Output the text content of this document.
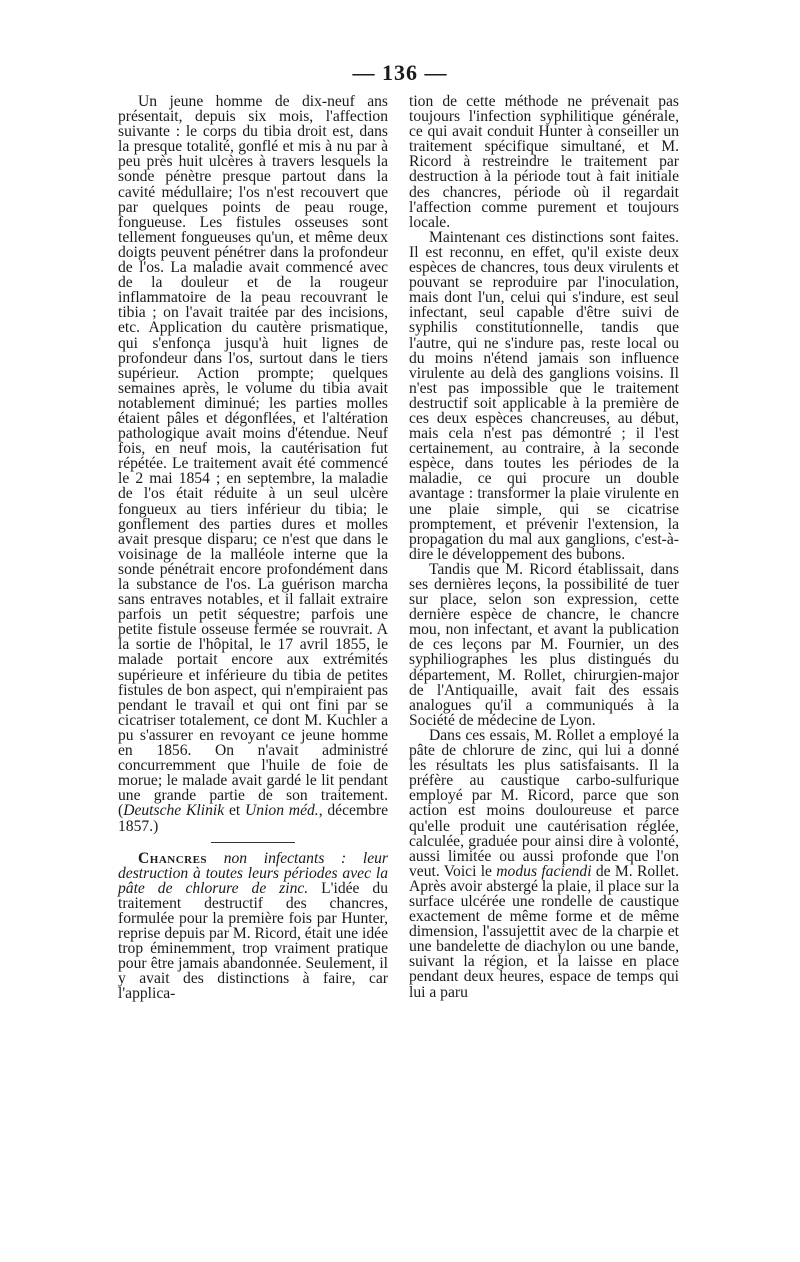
— 136 —

Un jeune homme de dix-neuf ans présentait, depuis six mois, l'affection suivante : le corps du tibia droit est, dans la presque totalité, gonflé et mis à nu par à peu près huit ulcères à travers lesquels la sonde pénètre presque partout dans la cavité médullaire; l'os n'est recouvert que par quelques points de peau rouge, fongueuse. Les fistules osseuses sont tellement fongueuses qu'un, et même deux doigts peuvent pénétrer dans la profondeur de l'os. La maladie avait commencé avec de la douleur et de la rougeur inflammatoire de la peau recouvrant le tibia ; on l'avait traitée par des incisions, etc. Application du cautère prismatique, qui s'enfonça jusqu'à huit lignes de profondeur dans l'os, surtout dans le tiers supérieur. Action prompte; quelques semaines après, le volume du tibia avait notablement diminué; les parties molles étaient pâles et dégonflées, et l'altération pathologique avait moins d'étendue. Neuf fois, en neuf mois, la cautérisation fut répétée. Le traitement avait été commencé le 2 mai 1854 ; en septembre, la maladie de l'os était réduite à un seul ulcère fongueux au tiers inférieur du tibia; le gonflement des parties dures et molles avait presque disparu; ce n'est que dans le voisinage de la malléole interne que la sonde pénétrait encore profondément dans la substance de l'os. La guérison marcha sans entraves notables, et il fallait extraire parfois un petit séquestre; parfois une petite fistule osseuse fermée se rouvrait. A la sortie de l'hôpital, le 17 avril 1855, le malade portait encore aux extrémités supérieure et inférieure du tibia de petites fistules de bon aspect, qui n'empiraient pas pendant le travail et qui ont fini par se cicatriser totalement, ce dont M. Kuchler a pu s'assurer en revoyant ce jeune homme en 1856. On n'avait administré concurremment que l'huile de foie de morue; le malade avait gardé le lit pendant une grande partie de son traitement. (Deutsche Klinik et Union méd., décembre 1857.)

Chancres non infectants : leur destruction à toutes leurs périodes avec la pâte de chlorure de zinc. L'idée du traitement destructif des chancres, formulée pour la première fois par Hunter, reprise depuis par M. Ricord, était une idée trop éminemment, trop vraiment pratique pour être jamais abandonnée. Seulement, il y avait des distinctions à faire, car l'applica-

tion de cette méthode ne prévenait pas toujours l'infection syphilitique générale, ce qui avait conduit Hunter à conseiller un traitement spécifique simultané, et M. Ricord à restreindre le traitement par destruction à la période tout à fait initiale des chancres, période où il regardait l'affection comme purement et toujours locale.

Maintenant ces distinctions sont faites. Il est reconnu, en effet, qu'il existe deux espèces de chancres, tous deux virulents et pouvant se reproduire par l'inoculation, mais dont l'un, celui qui s'indure, est seul infectant, seul capable d'être suivi de syphilis constitutionnelle, tandis que l'autre, qui ne s'indure pas, reste local ou du moins n'étend jamais son influence virulente au delà des ganglions voisins. Il n'est pas impossible que le traitement destructif soit applicable à la première de ces deux espèces chancreuses, au début, mais cela n'est pas démontré ; il l'est certainement, au contraire, à la seconde espèce, dans toutes les périodes de la maladie, ce qui procure un double avantage : transformer la plaie virulente en une plaie simple, qui se cicatrise promptement, et prévenir l'extension, la propagation du mal aux ganglions, c'est-à-dire le développement des bubons.

Tandis que M. Ricord établissait, dans ses dernières leçons, la possibilité de tuer sur place, selon son expression, cette dernière espèce de chancre, le chancre mou, non infectant, et avant la publication de ces leçons par M. Fournier, un des syphiliographes les plus distingués du département, M. Rollet, chirurgien-major de l'Antiquaille, avait fait des essais analogues qu'il a communiqués à la Société de médecine de Lyon.

Dans ces essais, M. Rollet a employé la pâte de chlorure de zinc, qui lui a donné les résultats les plus satisfaisants. Il la préfère au caustique carbo-sulfurique employé par M. Ricord, parce que son action est moins douloureuse et parce qu'elle produit une cautérisation réglée, calculée, graduée pour ainsi dire à volonté, aussi limitée ou aussi profonde que l'on veut. Voici le modus faciendi de M. Rollet. Après avoir abstergé la plaie, il place sur la surface ulcérée une rondelle de caustique exactement de même forme et de même dimension, l'assujettit avec de la charpie et une bandelette de diachylon ou une bande, suivant la région, et la laisse en place pendant deux heures, espace de temps qui lui a paru
